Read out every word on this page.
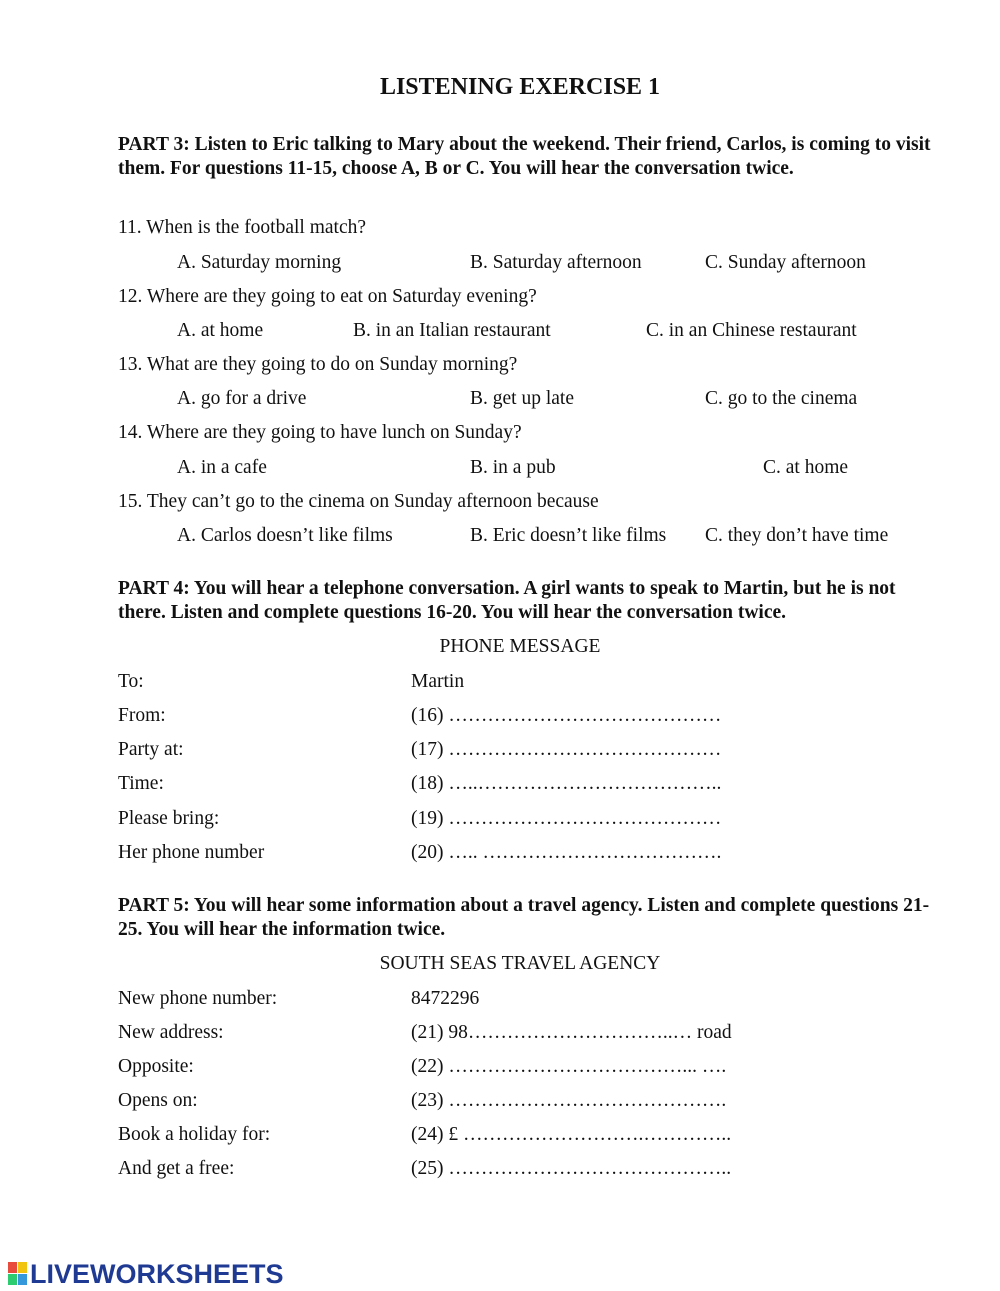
LISTENING EXERCISE 1
PART 3: Listen to Eric talking to Mary about the weekend. Their friend, Carlos, is coming to visit them. For questions 11-15, choose A, B or C. You will hear the conversation twice.
11. When is the football match?
A. Saturday morning	B. Saturday afternoon	C. Sunday afternoon
12. Where are they going to eat on Saturday evening?
A. at home	B. in an Italian restaurant	C. in an Chinese restaurant
13. What are they going to do on Sunday morning?
A. go for a drive	B. get up late	C. go to the cinema
14. Where are they going to have lunch on Sunday?
A. in a cafe	B. in a pub	C. at home
15. They can’t go to the cinema on Sunday afternoon because
A. Carlos doesn’t like films	B. Eric doesn’t like films C. they don’t have time
PART 4: You will hear a telephone conversation. A girl wants to speak to Martin, but he is not there. Listen and complete questions 16-20. You will hear the conversation twice.
PHONE MESSAGE
To:	Martin
From:	(16) ……………………………………
Party at:	(17) ……………………………………
Time:	(18) …..………………………………..
Please bring:	(19) ……………………………………
Her phone number	(20) ….. ……………………………….
PART 5: You will hear some information about a travel agency. Listen and complete questions 21-25. You will hear the information twice.
SOUTH SEAS TRAVEL AGENCY
New phone number:	8472296
New address:	(21) 98…………………………..… road
Opposite:	(22) ………………………………... ….
Opens on:	(23) …………………………………….
Book a holiday for:	(24) £ ……………………….…………..
And get a free:	(25) ……………………………………..
LIVEWORKSHEETS
